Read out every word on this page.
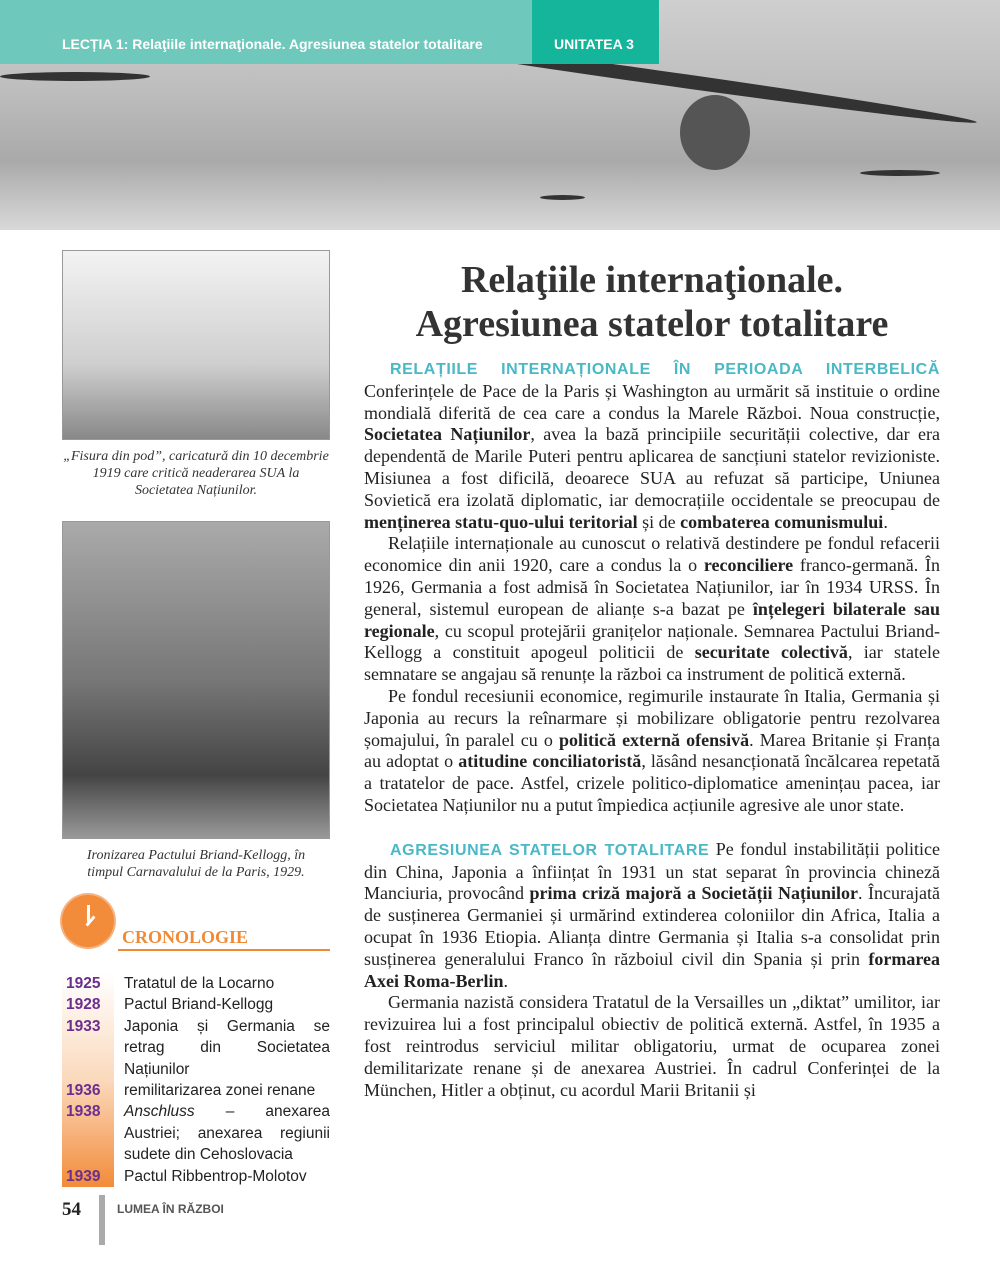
LECȚIA 1: Relaţiile internaţionale. Agresiunea statelor totalitare	UNITATEA 3
„Fisura din pod”, caricatură din 10 decembrie 1919 care critică neaderarea SUA la Societatea Națiunilor.
Ironizarea Pactului Briand-Kellogg, în timpul Carnavalului de la Paris, 1929.
CRONOLOGIE
1925	Tratatul de la Locarno
1928	Pactul Briand-Kellogg
1933	Japonia și Germania se retrag din Societatea Națiunilor
1936	remilitarizarea zonei renane
1938	Anschluss – anexarea Austriei; anexarea regiunii sudete din Cehoslovacia
1939	Pactul Ribbentrop-Molotov
54	LUMEA ÎN RĂZBOI
Relaţiile internaţionale.
Agresiunea statelor totalitare

RELAȚIILE INTERNAȚIONALE ÎN PERIOADA INTERBELICĂ Conferințele de Pace de la Paris și Washington au urmărit să instituie o ordine mondială diferită de cea care a condus la Marele Război. Noua construcție, Societatea Națiunilor, avea la bază principiile securității colective, dar era dependentă de Marile Puteri pentru aplicarea de sancțiuni statelor revizioniste. Misiunea a fost dificilă, deoarece SUA au refuzat să participe, Uniunea Sovietică era izolată diplomatic, iar democrațiile occidentale se preocupau de menținerea statu-quo-ului teritorial și de combaterea comunismului.

Relațiile internaționale au cunoscut o relativă destindere pe fondul refacerii economice din anii 1920, care a condus la o reconciliere franco-germană. În 1926, Germania a fost admisă în Societatea Națiunilor, iar în 1934 URSS. În general, sistemul european de alianțe s-a bazat pe înțelegeri bilaterale sau regionale, cu scopul protejării granițelor naționale. Semnarea Pactului Briand-Kellogg a constituit apogeul politicii de securitate colectivă, iar statele semnatare se angajau să renunțe la război ca instrument de politică externă.

Pe fondul recesiunii economice, regimurile instaurate în Italia, Germania și Japonia au recurs la reînarmare și mobilizare obligatorie pentru rezolvarea șomajului, în paralel cu o politică externă ofensivă. Marea Britanie și Franța au adoptat o atitudine conciliatoristă, lăsând nesancționată încălcarea repetată a tratatelor de pace. Astfel, crizele politico-diplomatice amenințau pacea, iar Societatea Națiunilor nu a putut împiedica acțiunile agresive ale unor state.

AGRESIUNEA STATELOR TOTALITARE Pe fondul instabilității politice din China, Japonia a înființat în 1931 un stat separat în provincia chineză Manciuria, provocând prima criză majoră a Societății Națiunilor. Încurajată de susținerea Germaniei și urmărind extinderea coloniilor din Africa, Italia a ocupat în 1936 Etiopia. Alianța dintre Germania și Italia s-a consolidat prin susținerea generalului Franco în războiul civil din Spania și prin formarea Axei Roma-Berlin.

Germania nazistă considera Tratatul de la Versailles un „diktat” umilitor, iar revizuirea lui a fost principalul obiectiv de politică externă. Astfel, în 1935 a fost reintrodus serviciul militar obligatoriu, urmat de ocuparea zonei demilitarizate renane și de anexarea Austriei. În cadrul Conferinței de la München, Hitler a obținut, cu acordul Marii Britanii și
